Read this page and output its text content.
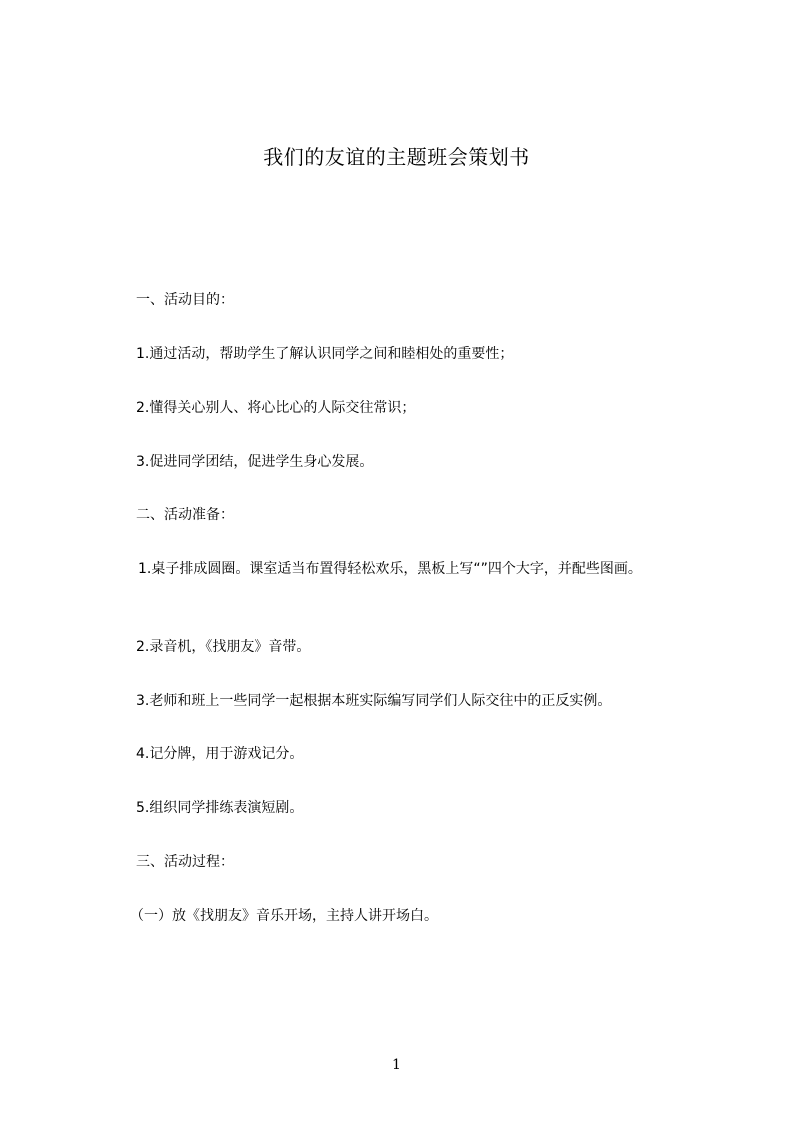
我们的友谊的主题班会策划书
一、活动目的：
1.通过活动，帮助学生了解认识同学之间和睦相处的重要性；
2.懂得关心别人、将心比心的人际交往常识；
3.促进同学团结，促进学生身心发展。
二、活动准备：
1.桌子排成圆圈。课室适当布置得轻松欢乐，黑板上写“”四个大字，并配些图画。
2.录音机，《找朋友》音带。
3.老师和班上一些同学一起根据本班实际编写同学们人际交往中的正反实例。
4.记分牌，用于游戏记分。
5.组织同学排练表演短剧。
三、活动过程：
（一）放《找朋友》音乐开场，主持人讲开场白。
1
